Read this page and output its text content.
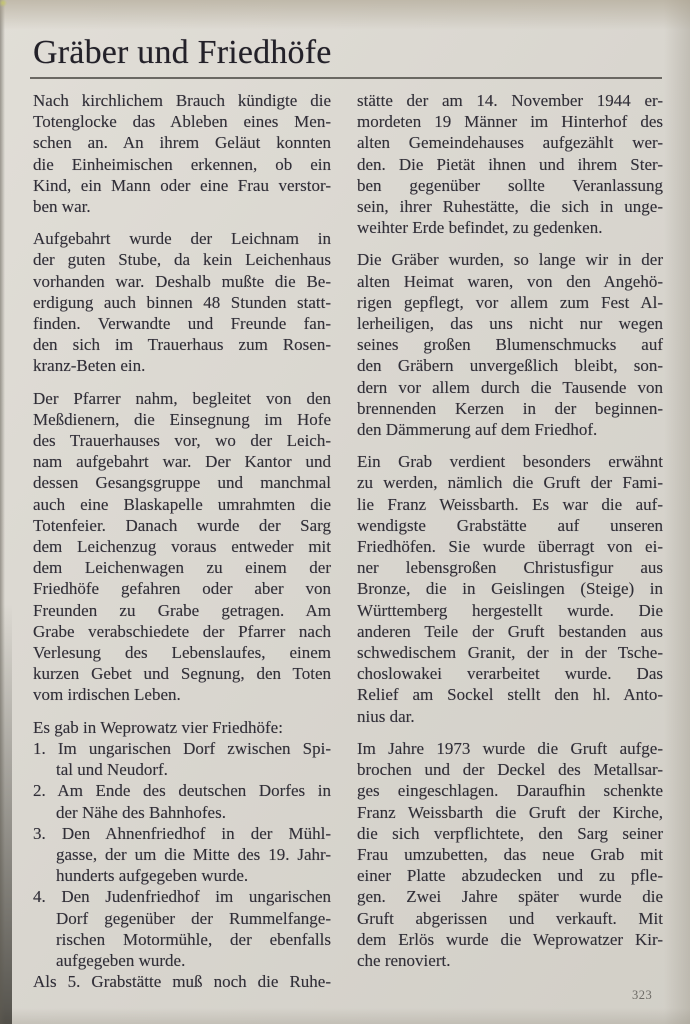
Gräber und Friedhöfe
Nach kirchlichem Brauch kündigte die
Totenglocke das Ableben eines Men-
schen an. An ihrem Geläut konnten
die Einheimischen erkennen, ob ein
Kind, ein Mann oder eine Frau verstor-
ben war.
Aufgebahrt wurde der Leichnam in
der guten Stube, da kein Leichenhaus
vorhanden war. Deshalb mußte die Be-
erdigung auch binnen 48 Stunden statt-
finden. Verwandte und Freunde fan-
den sich im Trauerhaus zum Rosen-
kranz-Beten ein.
Der Pfarrer nahm, begleitet von den
Meßdienern, die Einsegnung im Hofe
des Trauerhauses vor, wo der Leich-
nam aufgebahrt war. Der Kantor und
dessen Gesangsgruppe und manchmal
auch eine Blaskapelle umrahmten die
Totenfeier. Danach wurde der Sarg
dem Leichenzug voraus entweder mit
dem Leichenwagen zu einem der
Friedhöfe gefahren oder aber von
Freunden zu Grabe getragen. Am
Grabe verabschiedete der Pfarrer nach
Verlesung des Lebenslaufes, einem
kurzen Gebet und Segnung, den Toten
vom irdischen Leben.
Es gab in Weprowatz vier Friedhöfe:
1. Im ungarischen Dorf zwischen Spi-
tal und Neudorf.
2. Am Ende des deutschen Dorfes in
der Nähe des Bahnhofes.
3. Den Ahnenfriedhof in der Mühl-
gasse, der um die Mitte des 19. Jahr-
hunderts aufgegeben wurde.
4. Den Judenfriedhof im ungarischen
Dorf gegenüber der Rummelfange-
rischen Motormühle, der ebenfalls
aufgegeben wurde.
Als 5. Grabstätte muß noch die Ruhe-
stätte der am 14. November 1944 er-
mordeten 19 Männer im Hinterhof des
alten Gemeindehauses aufgezählt wer-
den. Die Pietät ihnen und ihrem Ster-
ben gegenüber sollte Veranlassung
sein, ihrer Ruhestätte, die sich in unge-
weihter Erde befindet, zu gedenken.
Die Gräber wurden, so lange wir in der
alten Heimat waren, von den Angehö-
rigen gepflegt, vor allem zum Fest Al-
lerheiligen, das uns nicht nur wegen
seines großen Blumenschmucks auf
den Gräbern unvergeßlich bleibt, son-
dern vor allem durch die Tausende von
brennenden Kerzen in der beginnen-
den Dämmerung auf dem Friedhof.
Ein Grab verdient besonders erwähnt
zu werden, nämlich die Gruft der Fami-
lie Franz Weissbarth. Es war die auf-
wendigste Grabstätte auf unseren
Friedhöfen. Sie wurde überragt von ei-
ner lebensgroßen Christusfigur aus
Bronze, die in Geislingen (Steige) in
Württemberg hergestellt wurde. Die
anderen Teile der Gruft bestanden aus
schwedischem Granit, der in der Tsche-
choslowakei verarbeitet wurde. Das
Relief am Sockel stellt den hl. Anto-
nius dar.
Im Jahre 1973 wurde die Gruft aufge-
brochen und der Deckel des Metallsar-
ges eingeschlagen. Daraufhin schenkte
Franz Weissbarth die Gruft der Kirche,
die sich verpflichtete, den Sarg seiner
Frau umzubetten, das neue Grab mit
einer Platte abzudecken und zu pfle-
gen. Zwei Jahre später wurde die
Gruft abgerissen und verkauft. Mit
dem Erlös wurde die Weprowatzer Kir-
che renoviert.
323
